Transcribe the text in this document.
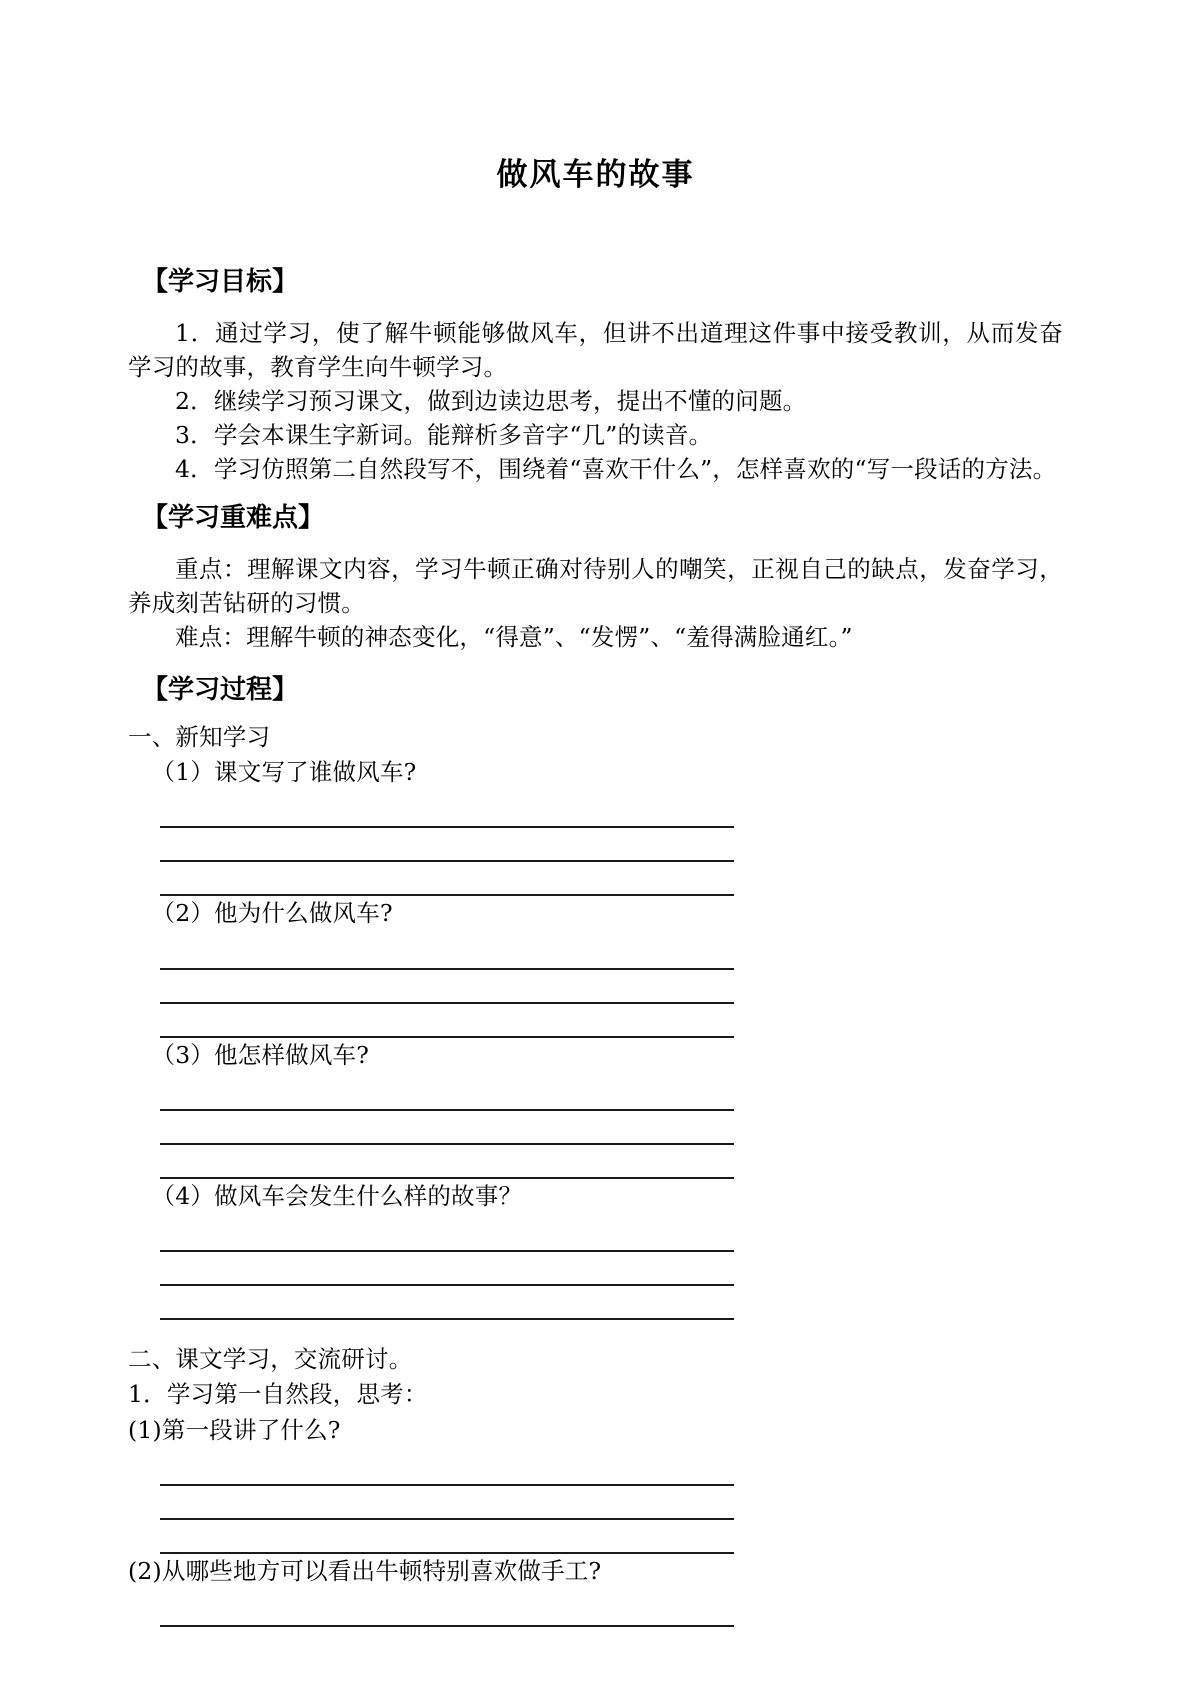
做风车的故事
【学习目标】

1．通过学习，使了解牛顿能够做风车，但讲不出道理这件事中接受教训，从而发奋学习的故事，教育学生向牛顿学习。

2．继续学习预习课文，做到边读边思考，提出不懂的问题。

3．学会本课生字新词。能辩析多音字“几”的读音。

4．学习仿照第二自然段写不，围绕着“喜欢干什么”，怎样喜欢的“写一段话的方法。

【学习重难点】

重点：理解课文内容，学习牛顿正确对待别人的嘲笑，正视自己的缺点，发奋学习，养成刻苦钻研的习惯。

难点：理解牛顿的神态变化，“得意”、“发愣”、“羞得满脸通红。”

【学习过程】

一、新知学习

（1）课文写了谁做风车?

（2）他为什么做风车?

（3）他怎样做风车?

（4）做风车会发生什么样的故事？

二、课文学习，交流研讨。

1．学习第一自然段，思考：

(1)第一段讲了什么?

(2)从哪些地方可以看出牛顿特别喜欢做手工?
